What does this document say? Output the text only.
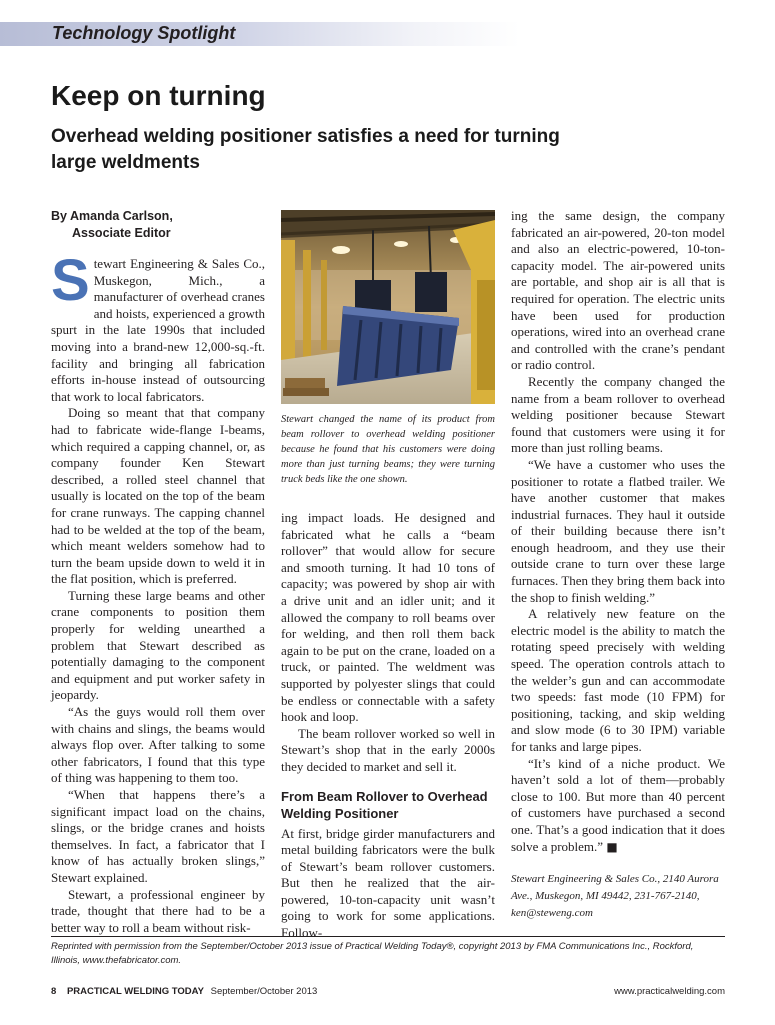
Technology Spotlight
Keep on turning
Overhead welding positioner satisfies a need for turning large weldments
By Amanda Carlson,
Associate Editor

Stewart Engineering & Sales Co., Muskegon, Mich., a manufacturer of overhead cranes and hoists, experienced a growth spurt in the late 1990s that included moving into a brand-new 12,000-sq.-ft. facility and bringing all fabrication efforts in-house instead of outsourcing that work to local fabricators.

Doing so meant that that company had to fabricate wide-flange I-beams, which required a capping channel, or, as company founder Ken Stewart described, a rolled steel channel that usually is located on the top of the beam for crane runways. The capping channel had to be welded at the top of the beam, which meant welders somehow had to turn the beam upside down to weld it in the flat position, which is preferred.

Turning these large beams and other crane components to position them properly for welding unearthed a problem that Stewart described as potentially damaging to the component and equipment and put worker safety in jeopardy.

“As the guys would roll them over with chains and slings, the beams would always flop over. After talking to some other fabricators, I found that this type of thing was happening to them too.

“When that happens there’s a significant impact load on the chains, slings, or the bridge cranes and hoists themselves. In fact, a fabricator that I know of has actually broken slings,” Stewart explained.

Stewart, a professional engineer by trade, thought that there had to be a better way to roll a beam without risk-

Stewart changed the name of its product from beam rollover to overhead welding positioner because he found that his customers were doing more than just turning beams; they were turning truck beds like the one shown.

ing impact loads. He designed and fabricated what he calls a “beam rollover” that would allow for secure and smooth turning. It had 10 tons of capacity; was powered by shop air with a drive unit and an idler unit; and it allowed the company to roll beams over for welding, and then roll them back again to be put on the crane, loaded on a truck, or painted. The weldment was supported by polyester slings that could be endless or connectable with a safety hook and loop.

The beam rollover worked so well in Stewart’s shop that in the early 2000s they decided to market and sell it.

From Beam Rollover to Overhead Welding Positioner

At first, bridge girder manufacturers and metal building fabricators were the bulk of Stewart’s beam rollover customers. But then he realized that the air-powered, 10-ton-capacity unit wasn’t going to work for some applications. Follow-

ing the same design, the company fabricated an air-powered, 20-ton model and also an electric-powered, 10-ton-capacity model. The air-powered units are portable, and shop air is all that is required for operation. The electric units have been used for production operations, wired into an overhead crane and controlled with the crane’s pendant or radio control.

Recently the company changed the name from a beam rollover to overhead welding positioner because Stewart found that customers were using it for more than just rolling beams.

“We have a customer who uses the positioner to rotate a flatbed trailer. We have another customer that makes industrial furnaces. They haul it outside of their building because there isn’t enough headroom, and they use their outside crane to turn over these large furnaces. Then they bring them back into the shop to finish welding.”

A relatively new feature on the electric model is the ability to match the rotating speed precisely with welding speed. The operation controls attach to the welder’s gun and can accommodate two speeds: fast mode (10 FPM) for positioning, tacking, and skip welding and slow mode (6 to 30 IPM) variable for tanks and large pipes.

“It’s kind of a niche product. We haven’t sold a lot of them—probably close to 100. But more than 40 percent of customers have purchased a second one. That’s a good indication that it does solve a problem.” ■

Stewart Engineering & Sales Co., 2140 Aurora Ave., Muskegon, MI 49442, 231-767-2140, ken@steweng.com
Reprinted with permission from the September/October 2013 issue of Practical Welding Today®, copyright 2013 by FMA Communications Inc., Rockford, Illinois, www.thefabricator.com.
8 PRACTICAL WELDING TODAY September/October 2013	www.practicalwelding.com
